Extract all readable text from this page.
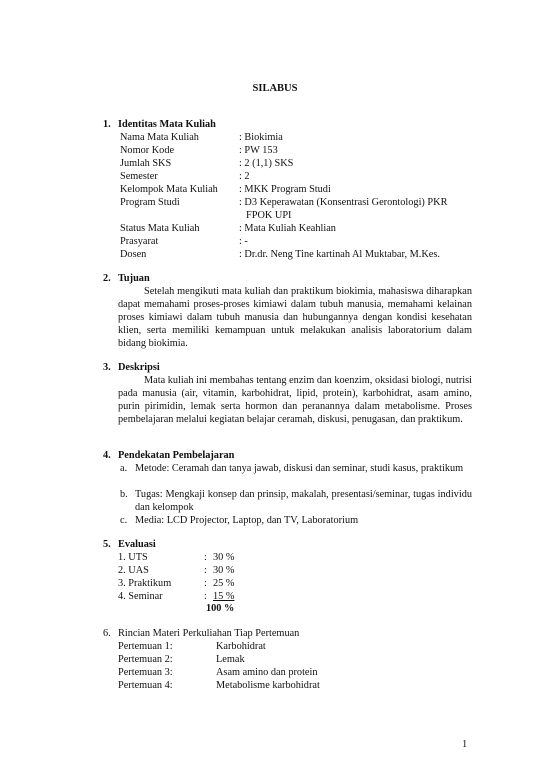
SILABUS
1. Identitas Mata Kuliah
Nama Mata Kuliah	: Biokimia
Nomor Kode	: PW 153
Jumlah SKS	: 2 (1,1) SKS
Semester	: 2
Kelompok Mata Kuliah : MKK Program Studi
Program Studi	: D3 Keperawatan (Konsentrasi Gerontologi) PKR
FPOK UPI
Status Mata Kuliah	: Mata Kuliah Keahlian
Prasyarat	: -
Dosen	: Dr.dr. Neng Tine kartinah Al Muktabar, M.Kes.
2. Tujuan
Setelah mengikuti mata kuliah dan praktikum biokimia, mahasiswa diharapkan dapat memahami proses-proses kimiawi dalam tubuh manusia, memahami kelainan proses kimiawi dalam tubuh manusia dan hubungannya dengan kondisi kesehatan klien, serta memiliki kemampuan untuk melakukan analisis laboratorium dalam bidang biokimia.
3. Deskripsi
Mata kuliah ini membahas tentang enzim dan koenzim, oksidasi biologi, nutrisi pada manusia (air, vitamin, karbohidrat, lipid, protein), karbohidrat, asam amino, purin pirimidin, lemak serta hormon dan peranannya dalam metabolisme. Proses pembelajaran melalui kegiatan belajar ceramah, diskusi, penugasan, dan praktikum.
4. Pendekatan Pembelajaran
a. Metode: Ceramah dan tanya jawab, diskusi dan seminar, studi kasus, praktikum
b. Tugas: Mengkaji konsep dan prinsip, makalah, presentasi/seminar, tugas individu dan kelompok
c. Media: LCD Projector, Laptop, dan TV, Laboratorium
5. Evaluasi
1. UTS	: 30 %
2. UAS	: 30 %
3. Praktikum	: 25 %
4. Seminar	: 15 %
100 %
6. Rincian Materi Perkuliahan Tiap Pertemuan
Pertemuan 1:	Karbohidrat
Pertemuan 2:	Lemak
Pertemuan 3:	Asam amino dan protein
Pertemuan 4:	Metabolisme karbohidrat
1
